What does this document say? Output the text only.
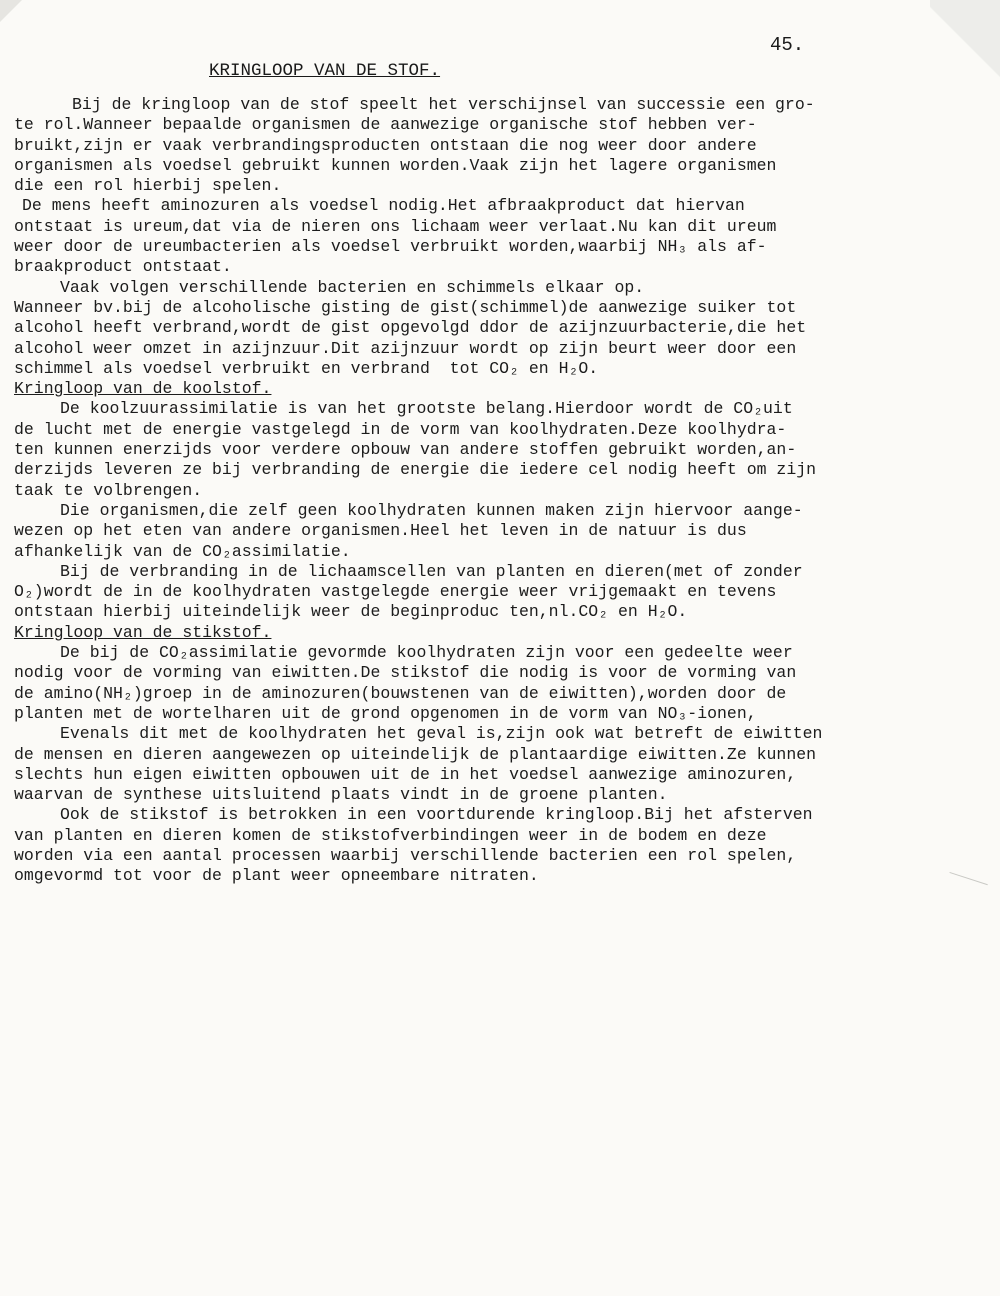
45.
KRINGLOOP VAN DE STOF.
Bij de kringloop van de stof speelt het verschijnsel van successie een gro-
te rol.Wanneer bepaalde organismen de aanwezige organische stof hebben ver-
bruikt,zijn er vaak verbrandingsproducten ontstaan die nog weer door andere
organismen als voedsel gebruikt kunnen worden.Vaak zijn het lagere organismen
die een rol hierbij spelen.
De mens heeft aminozuren als voedsel nodig.Het afbraakproduct dat hiervan
ontstaat is ureum,dat via de nieren ons lichaam weer verlaat.Nu kan dit ureum
weer door de ureumbacterien als voedsel verbruikt worden,waarbij NH₃ als af-
braakproduct ontstaat.
Vaak volgen verschillende bacterien en schimmels elkaar op.
Wanneer bv.bij de alcoholische gisting de gist(schimmel)de aanwezige suiker tot
alcohol heeft verbrand,wordt de gist opgevolgd ddor de azijnzuurbacterie,die het
alcohol weer omzet in azijnzuur.Dit azijnzuur wordt op zijn beurt weer door een
schimmel als voedsel verbruikt en verbrand  tot CO₂ en H₂O.
Kringloop van de koolstof.
De koolzuurassimilatie is van het grootste belang.Hierdoor wordt de CO₂uit
de lucht met de energie vastgelegd in de vorm van koolhydraten.Deze koolhydra-
ten kunnen enerzijds voor verdere opbouw van andere stoffen gebruikt worden,an-
derzijds leveren ze bij verbranding de energie die iedere cel nodig heeft om zijn
taak te volbrengen.
Die organismen,die zelf geen koolhydraten kunnen maken zijn hiervoor aange-
wezen op het eten van andere organismen.Heel het leven in de natuur is dus
afhankelijk van de CO₂assimilatie.
Bij de verbranding in de lichaamscellen van planten en dieren(met of zonder
O₂)wordt de in de koolhydraten vastgelegde energie weer vrijgemaakt en tevens
ontstaan hierbij uiteindelijk weer de beginproduc ten,nl.CO₂ en H₂O.
Kringloop van de stikstof.
De bij de CO₂assimilatie gevormde koolhydraten zijn voor een gedeelte weer
nodig voor de vorming van eiwitten.De stikstof die nodig is voor de vorming van
de amino(NH₂)groep in de aminozuren(bouwstenen van de eiwitten),worden door de
planten met de wortelharen uit de grond opgenomen in de vorm van NO₃-ionen,
Evenals dit met de koolhydraten het geval is,zijn ook wat betreft de eiwitten
de mensen en dieren aangewezen op uiteindelijk de plantaardige eiwitten.Ze kunnen
slechts hun eigen eiwitten opbouwen uit de in het voedsel aanwezige aminozuren,
waarvan de synthese uitsluitend plaats vindt in de groene planten.
Ook de stikstof is betrokken in een voortdurende kringloop.Bij het afsterven
van planten en dieren komen de stikstofverbindingen weer in de bodem en deze
worden via een aantal processen waarbij verschillende bacterien een rol spelen,
omgevormd tot voor de plant weer opneembare nitraten.
